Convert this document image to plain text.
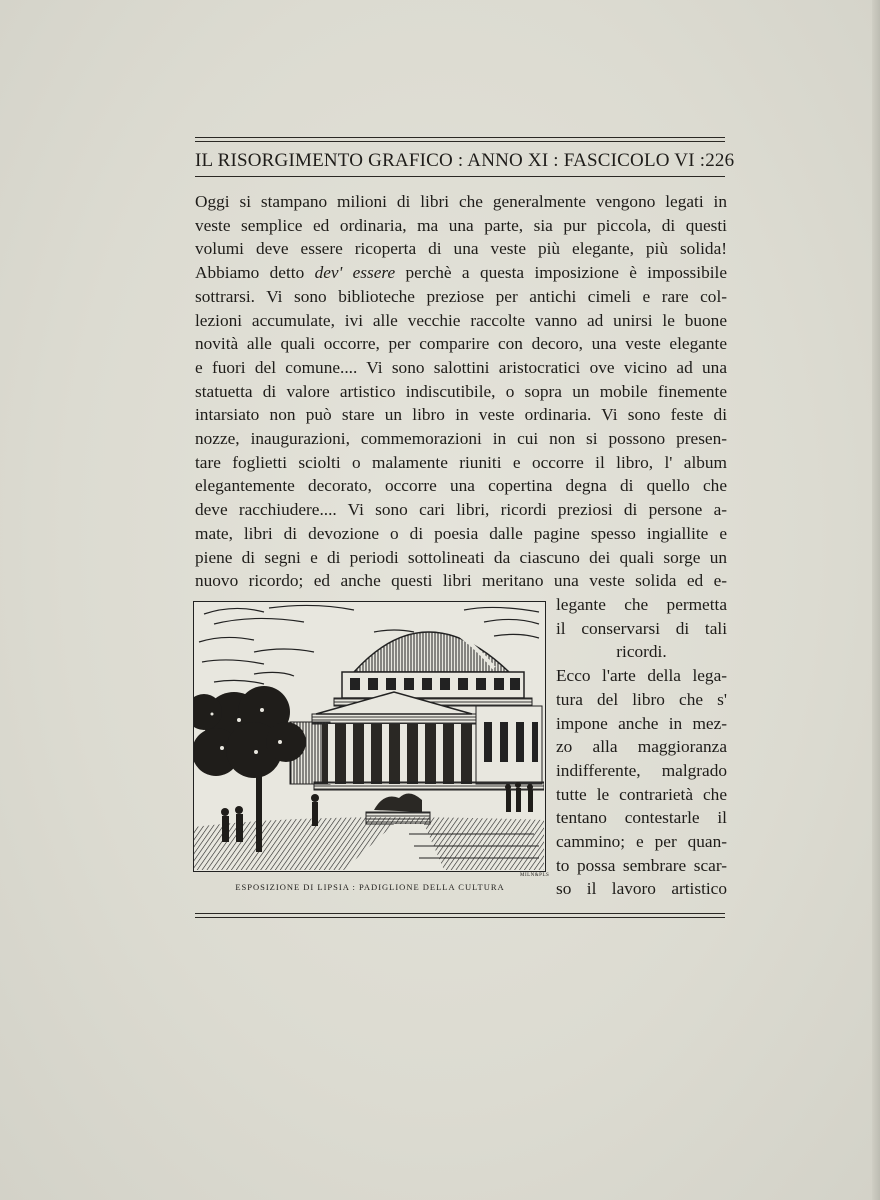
IL RISORGIMENTO GRAFICO : ANNO XI : FASCICOLO VI : 226
Oggi si stampano milioni di libri che generalmente vengono legati in
veste semplice ed ordinaria, ma una parte, sia pur piccola, di questi
volumi deve essere ricoperta di una veste più elegante, più solida!
Abbiamo detto dev' essere perchè a questa imposizione è impossibile
sottrarsi. Vi sono biblioteche preziose per antichi cimeli e rare col-
lezioni accumulate, ivi alle vecchie raccolte vanno ad unirsi le buone
novità alle quali occorre, per comparire con decoro, una veste elegante
e fuori del comune.... Vi sono salottini aristocratici ove vicino ad una
statuetta di valore artistico indiscutibile, o sopra un mobile finemente
intarsiato non può stare un libro in veste ordinaria. Vi sono feste di
nozze, inaugurazioni, commemorazioni in cui non si possono presen-
tare foglietti sciolti o malamente riuniti e occorre il libro, l' album
elegantemente decorato, occorre una copertina degna di quello che
deve racchiudere.... Vi sono cari libri, ricordi preziosi di persone a-
mate, libri di devozione o di poesia dalle pagine spesso ingiallite e
piene di segni e di periodi sottolineati da ciascuno dei quali sorge un
nuovo ricordo; ed anche questi libri meritano una veste solida ed e-
legante che permetta
il conservarsi di tali
ricordi.
Ecco l'arte della lega-
tura del libro che s'
impone anche in mez-
zo alla maggioranza
indifferente, malgrado
tutte le contrarietà che
tentano contestarle il
cammino; e per quan-
to possa sembrare scar-
so il lavoro artistico
MILN&PLS
ESPOSIZIONE DI LIPSIA : PADIGLIONE DELLA CULTURA
